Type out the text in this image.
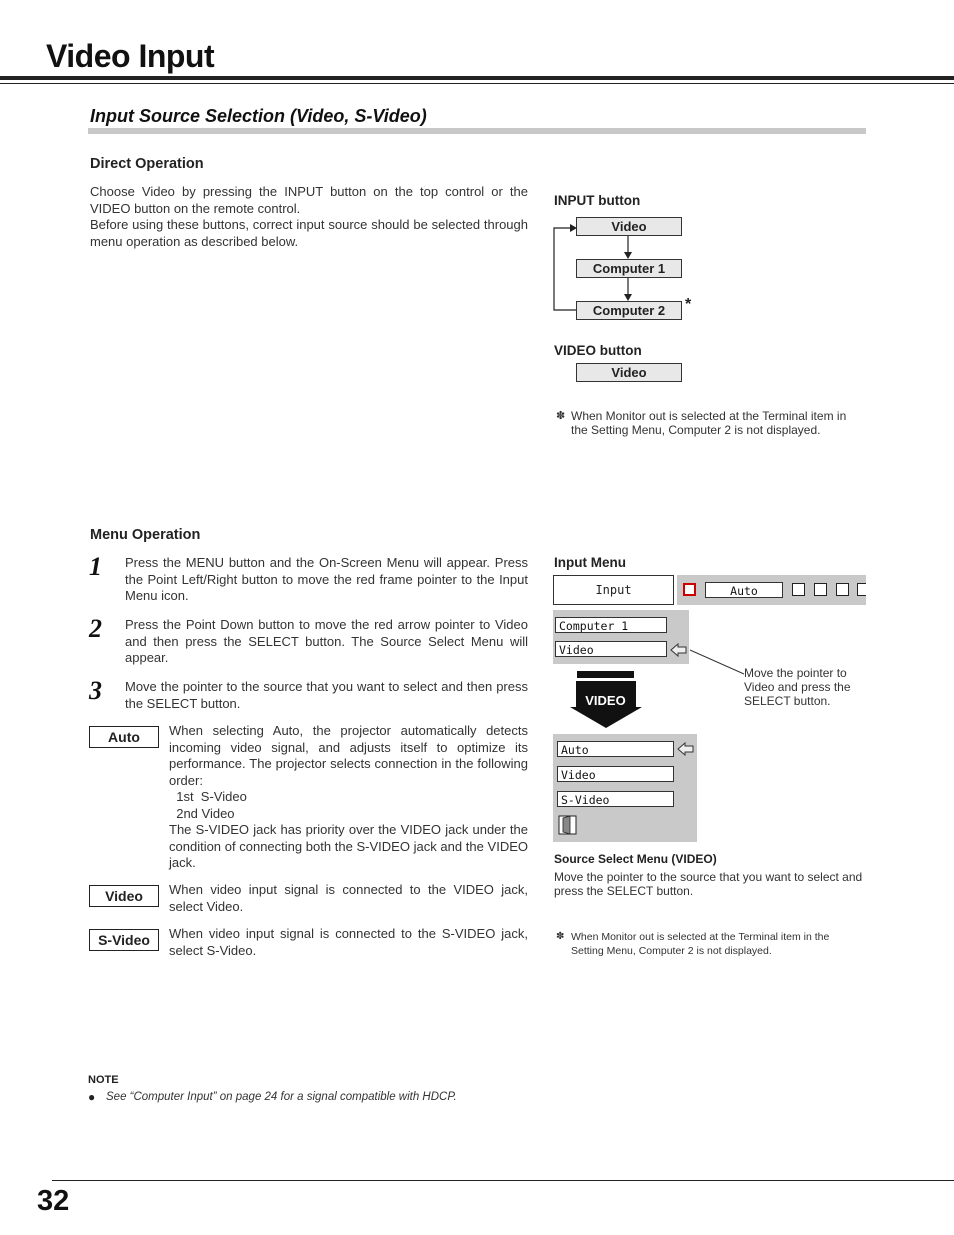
Video Input
Input Source Selection (Video, S-Video)
Direct Operation
Choose Video by pressing the INPUT button on the top control or the VIDEO button on the remote control.
Before using these buttons, correct input source should be selected through menu operation as described below.
INPUT button
Video
Computer 1
Computer 2	*
VIDEO button
Video
✽ When Monitor out is selected at the Terminal item in the Setting Menu, Computer 2 is not displayed.
Menu Operation
1 Press the MENU button and the On-Screen Menu will appear. Press the Point Left/Right button to move the red frame pointer to the Input Menu icon.
2 Press the Point Down button to move the red arrow pointer to Video and then press the SELECT button. The Source Select Menu will appear.
3 Move the pointer to the source that you want to select and then press the SELECT button.
Auto	When selecting Auto, the projector automatically detects incoming video signal, and adjusts itself to optimize its performance. The projector selects connection in the following order:
1st  S-Video
2nd Video
The S-VIDEO jack has priority over the VIDEO jack under the condition of connecting both the S-VIDEO jack and the VIDEO jack.
Video	When video input signal is connected to the VIDEO jack, select Video.
S-Video	When video input signal is connected to the S-VIDEO jack, select S-Video.
Input Menu
Input	Auto
Computer 1
Video
Move the pointer to Video and press the SELECT button.
VIDEO
Auto
Video
S-Video
Source Select Menu (VIDEO)
Move the pointer to the source that you want to select and press the SELECT button.
✽ When Monitor out is selected at the Terminal item in the Setting Menu, Computer 2 is not displayed.
NOTE
● See “Computer Input” on page 24 for a signal compatible with HDCP.
32
